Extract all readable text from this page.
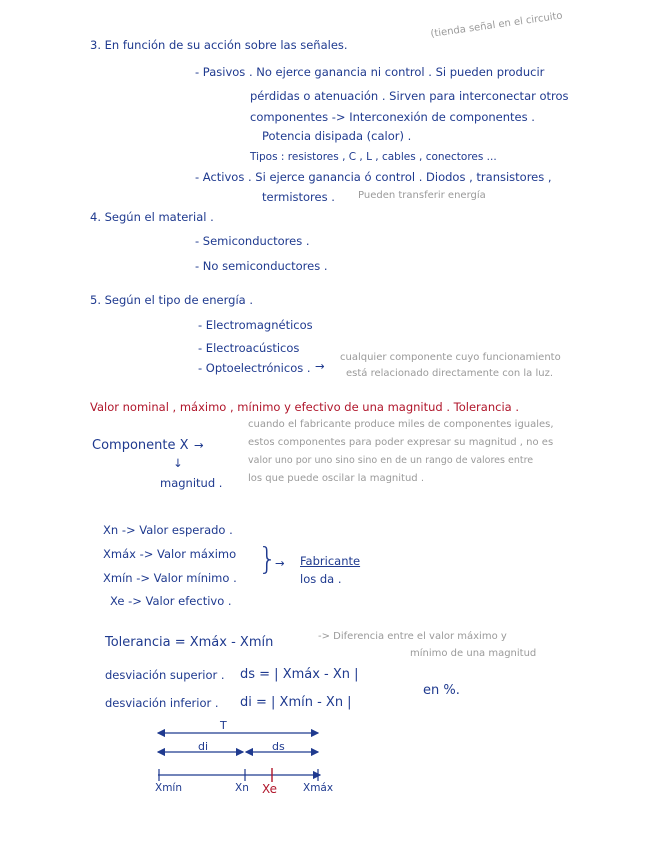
3. En función de su acción sobre las señales.
(tienda señal en el circuito
- Pasivos . No ejerce ganancia ni control . Si pueden producir
pérdidas o atenuación . Sirven para interconectar otros
componentes -> Interconexión de componentes .
Potencia disipada (calor) .
Tipos : resistores , C , L , cables , conectores ...
- Activos . Si ejerce ganancia ó control . Diodos , transistores ,
termistores . Pueden transferir energía
4. Según el material .
- Semiconductores .
- No semiconductores .
5. Según el tipo de energía .
- Electromagnéticos
- Electroacústicos
- Optoelectrónicos . →
cualquier componente cuyo funcionamiento
está relacionado directamente con la luz.
Valor nominal , máximo , mínimo y efectivo de una magnitud . Tolerancia .
Componente X →
↓
magnitud .
cuando el fabricante produce miles de componentes iguales,
estos componentes para poder expresar su magnitud , no es
valor uno por uno sino sino en de un rango de valores entre
los que puede oscilar la magnitud .
Xn -> Valor esperado .
Xmáx -> Valor máximo
Xmín -> Valor mínimo .
Xe -> Valor efectivo .
}
→ Fabricante
los da .
Tolerancia = Xmáx - Xmín	-> Diferencia entre el valor máximo y
mínimo de una magnitud
desviación superior . ds = | Xmáx - Xn |
desviación inferior . di = | Xmín - Xn |
en %.
T
di	ds
Xmín	Xn Xe Xmáx
